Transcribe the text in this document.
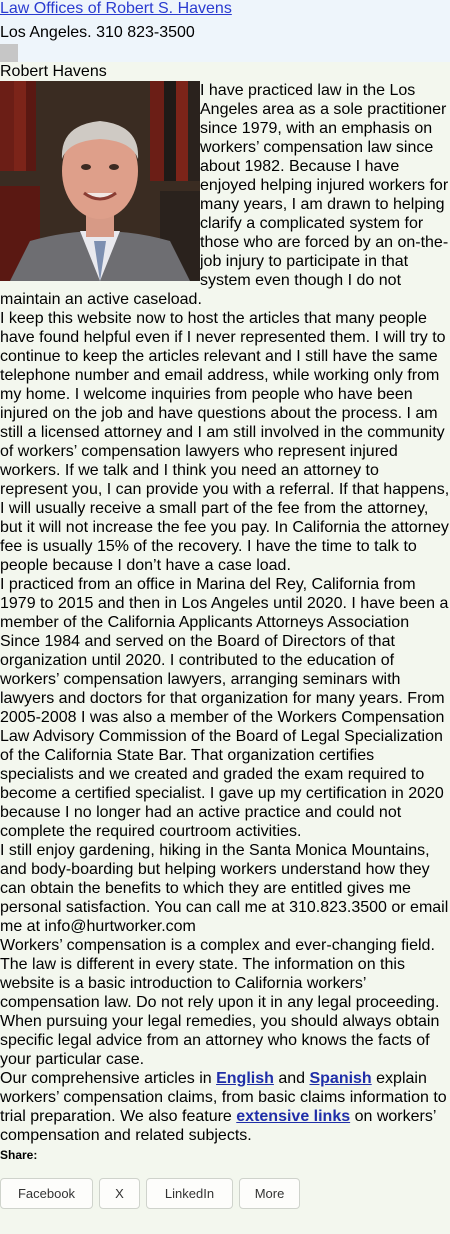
Law Offices of Robert S. Havens
Los Angeles. 310 823-3500
Robert Havens

I have practiced law in the Los Angeles area as a sole practitioner since 1979, with an emphasis on workers’ compensation law since about 1982. Because I have enjoyed helping injured workers for many years, I am drawn to helping clarify a complicated system for those who are forced by an on-the-job injury to participate in that system even though I do not maintain an active caseload.

I keep this website now to host the articles that many people have found helpful even if I never represented them. I will try to continue to keep the articles relevant and I still have the same telephone number and email address, while working only from my home. I welcome inquiries from people who have been injured on the job and have questions about the process. I am still a licensed attorney and I am still involved in the community of workers’ compensation lawyers who represent injured workers. If we talk and I think you need an attorney to represent you, I can provide you with a referral. If that happens, I will usually receive a small part of the fee from the attorney, but it will not increase the fee you pay. In California the attorney fee is usually 15% of the recovery. I have the time to talk to people because I don’t have a case load.

I practiced from an office in Marina del Rey, California from 1979 to 2015 and then in Los Angeles until 2020. I have been a member of the California Applicants Attorneys Association Since 1984 and served on the Board of Directors of that organization until 2020. I contributed to the education of workers’ compensation lawyers, arranging seminars with lawyers and doctors for that organization for many years. From 2005-2008 I was also a member of the Workers Compensation Law Advisory Commission of the Board of Legal Specialization of the California State Bar. That organization certifies specialists and we created and graded the exam required to become a certified specialist. I gave up my certification in 2020 because I no longer had an active practice and could not complete the required courtroom activities.

I still enjoy gardening, hiking in the Santa Monica Mountains, and body-boarding but helping workers understand how they can obtain the benefits to which they are entitled gives me personal satisfaction. You can call me at 310.823.3500 or email me at info@hurtworker.com

Workers’ compensation is a complex and ever-changing field. The law is different in every state. The information on this website is a basic introduction to California workers’ compensation law. Do not rely upon it in any legal proceeding. When pursuing your legal remedies, you should always obtain specific legal advice from an attorney who knows the facts of your particular case.

Our comprehensive articles in English and Spanish explain workers’ compensation claims, from basic claims information to trial preparation. We also feature extensive links on workers’ compensation and related subjects.

Share:
Facebook	X	LinkedIn	More
